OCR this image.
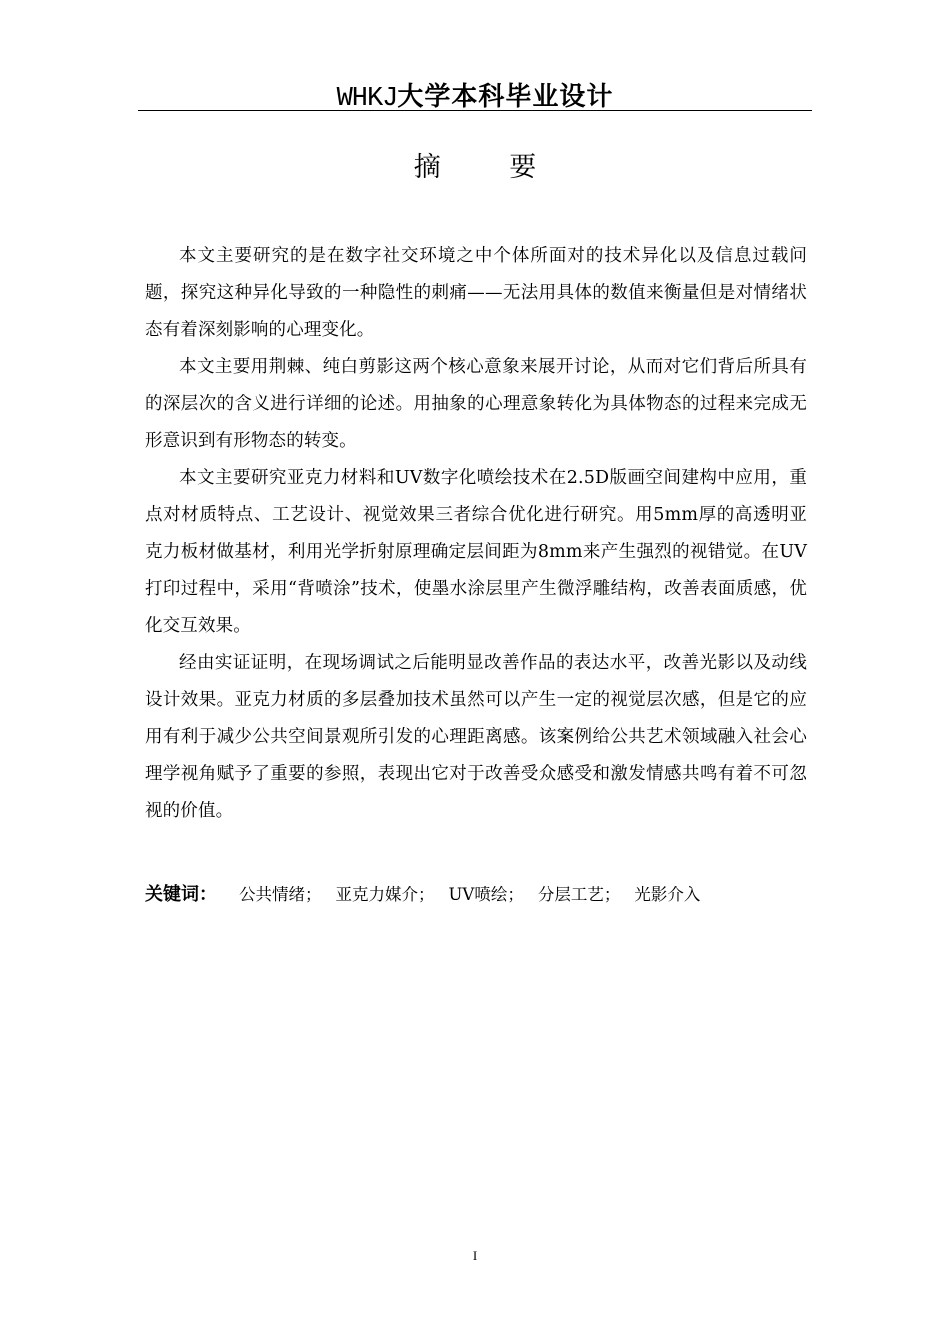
WHKJ大学本科毕业设计
摘 要

本文主要研究的是在数字社交环境之中个体所面对的技术异化以及信息过载问题，探究这种异化导致的一种隐性的刺痛——无法用具体的数值来衡量但是对情绪状态有着深刻影响的心理变化。

本文主要用荆棘、纯白剪影这两个核心意象来展开讨论，从而对它们背后所具有的深层次的含义进行详细的论述。用抽象的心理意象转化为具体物态的过程来完成无形意识到有形物态的转变。

本文主要研究亚克力材料和UV数字化喷绘技术在2.5D版画空间建构中应用，重点对材质特点、工艺设计、视觉效果三者综合优化进行研究。用5mm厚的高透明亚克力板材做基材，利用光学折射原理确定层间距为8mm来产生强烈的视错觉。在UV打印过程中，采用“背喷涂”技术，使墨水涂层里产生微浮雕结构，改善表面质感，优化交互效果。

经由实证证明，在现场调试之后能明显改善作品的表达水平，改善光影以及动线设计效果。亚克力材质的多层叠加技术虽然可以产生一定的视觉层次感，但是它的应用有利于减少公共空间景观所引发的心理距离感。该案例给公共艺术领域融入社会心理学视角赋予了重要的参照，表现出它对于改善受众感受和激发情感共鸣有着不可忽视的价值。

关键词： 公共情绪； 亚克力媒介； UV喷绘； 分层工艺； 光影介入
I
